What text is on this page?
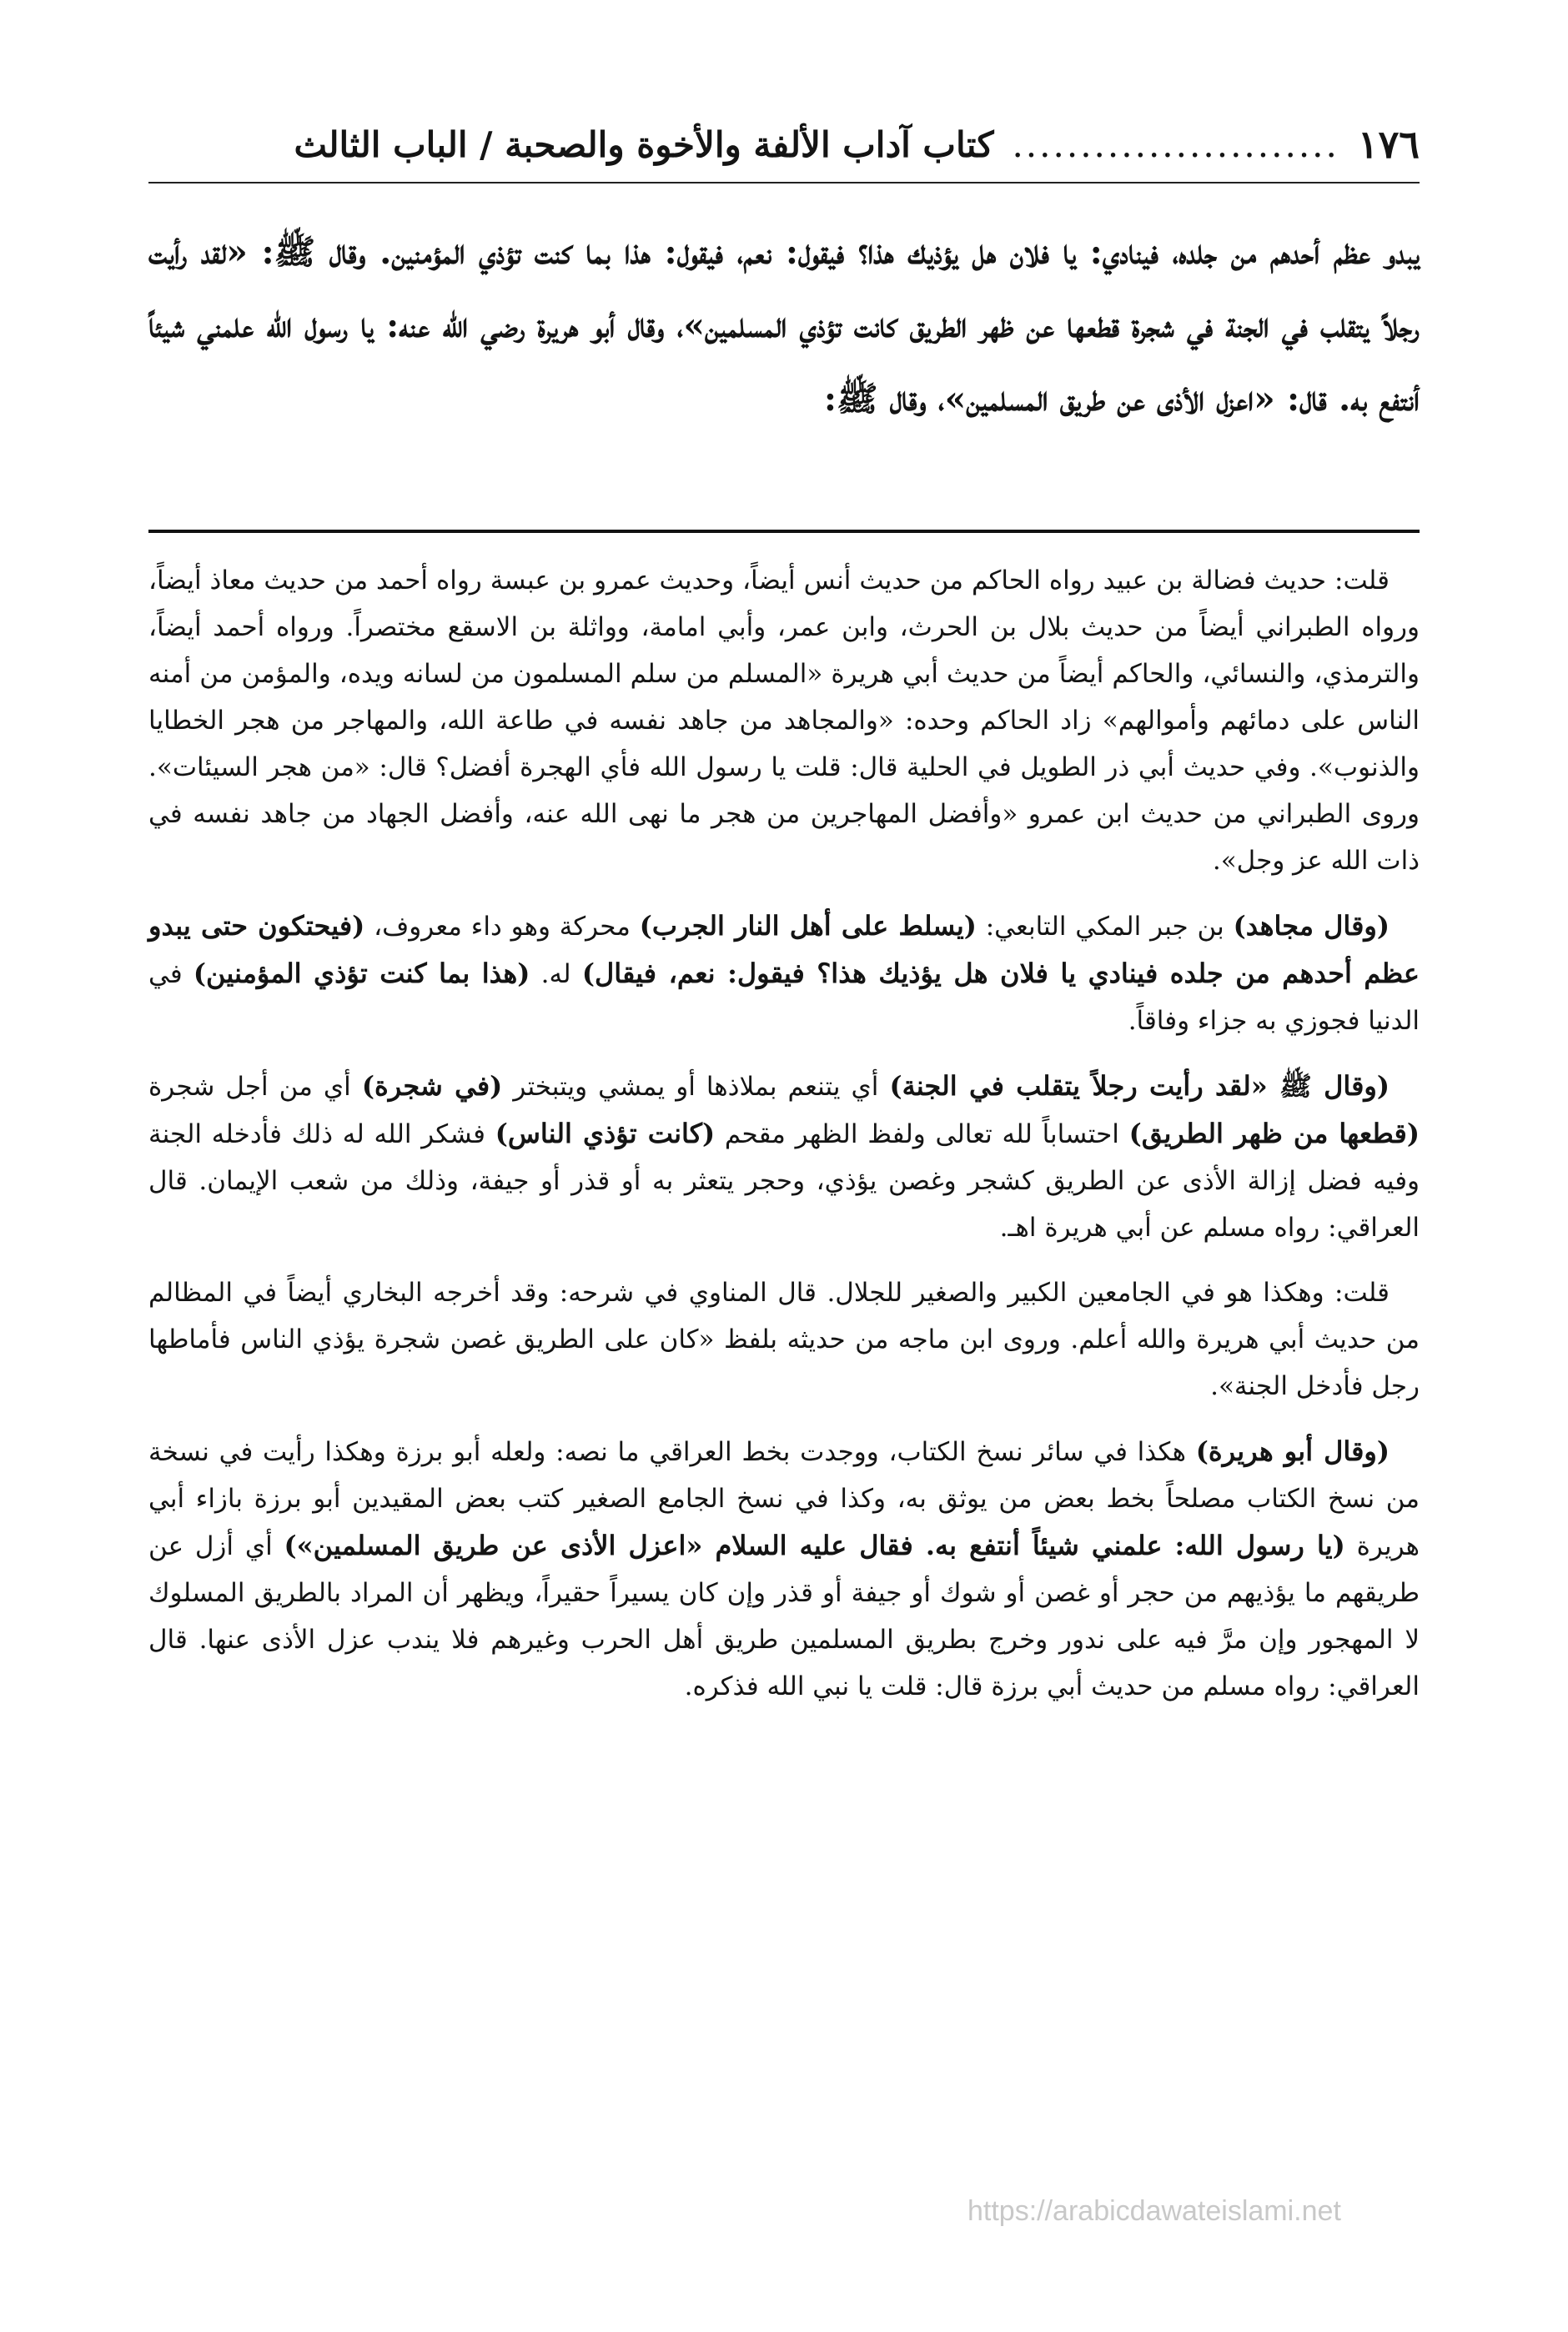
١٧٦
........................
كتاب آداب الألفة والأخوة والصحبة / الباب الثالث

يبدو عظم أحدهم من جلده، فينادي: يا فلان هل يؤذيك هذا؟ فيقول: نعم، فيقول: هذا بما كنت تؤذي المؤمنين. وقال ﷺ: «لقد رأيت رجلاً يتقلب في الجنة في شجرة قطعها عن ظهر الطريق كانت تؤذي المسلمين»، وقال أبو هريرة رضي الله عنه: يا رسول الله علمني شيئاً أنتفع به. قال: «اعزل الأذى عن طريق المسلمين»، وقال ﷺ:

قلت: حديث فضالة بن عبيد رواه الحاكم من حديث أنس أيضاً، وحديث عمرو بن عبسة رواه أحمد من حديث معاذ أيضاً، ورواه الطبراني أيضاً من حديث بلال بن الحرث، وابن عمر، وأبي امامة، وواثلة بن الاسقع مختصراً. ورواه أحمد أيضاً، والترمذي، والنسائي، والحاكم أيضاً من حديث أبي هريرة «المسلم من سلم المسلمون من لسانه ويده، والمؤمن من أمنه الناس على دمائهم وأموالهم» زاد الحاكم وحده: «والمجاهد من جاهد نفسه في طاعة الله، والمهاجر من هجر الخطايا والذنوب». وفي حديث أبي ذر الطويل في الحلية قال: قلت يا رسول الله فأي الهجرة أفضل؟ قال: «من هجر السيئات». وروى الطبراني من حديث ابن عمرو «وأفضل المهاجرين من هجر ما نهى الله عنه، وأفضل الجهاد من جاهد نفسه في ذات الله عز وجل».

(وقال مجاهد) بن جبر المكي التابعي: (يسلط على أهل النار الجرب) محركة وهو داء معروف، (فيحتكون حتى يبدو عظم أحدهم من جلده فينادي يا فلان هل يؤذيك هذا؟ فيقول: نعم، فيقال) له. (هذا بما كنت تؤذي المؤمنين) في الدنيا فجوزي به جزاء وفاقاً.

(وقال ﷺ «لقد رأيت رجلاً يتقلب في الجنة) أي يتنعم بملاذها أو يمشي ويتبختر (في شجرة) أي من أجل شجرة (قطعها من ظهر الطريق) احتساباً لله تعالى ولفظ الظهر مقحم (كانت تؤذي الناس) فشكر الله له ذلك فأدخله الجنة وفيه فضل إزالة الأذى عن الطريق كشجر وغصن يؤذي، وحجر يتعثر به أو قذر أو جيفة، وذلك من شعب الإيمان. قال العراقي: رواه مسلم عن أبي هريرة اهـ.

قلت: وهكذا هو في الجامعين الكبير والصغير للجلال. قال المناوي في شرحه: وقد أخرجه البخاري أيضاً في المظالم من حديث أبي هريرة والله أعلم. وروى ابن ماجه من حديثه بلفظ «كان على الطريق غصن شجرة يؤذي الناس فأماطها رجل فأدخل الجنة».

(وقال أبو هريرة) هكذا في سائر نسخ الكتاب، ووجدت بخط العراقي ما نصه: ولعله أبو برزة وهكذا رأيت في نسخة من نسخ الكتاب مصلحاً بخط بعض من يوثق به، وكذا في نسخ الجامع الصغير كتب بعض المقيدين أبو برزة بازاء أبي هريرة (يا رسول الله: علمني شيئاً أنتفع به. فقال عليه السلام «اعزل الأذى عن طريق المسلمين») أي أزل عن طريقهم ما يؤذيهم من حجر أو غصن أو شوك أو جيفة أو قذر وإن كان يسيراً حقيراً، ويظهر أن المراد بالطريق المسلوك لا المهجور وإن مرَّ فيه على ندور وخرج بطريق المسلمين طريق أهل الحرب وغيرهم فلا يندب عزل الأذى عنها. قال العراقي: رواه مسلم من حديث أبي برزة قال: قلت يا نبي الله فذكره.

https://arabicdawateislami.net
